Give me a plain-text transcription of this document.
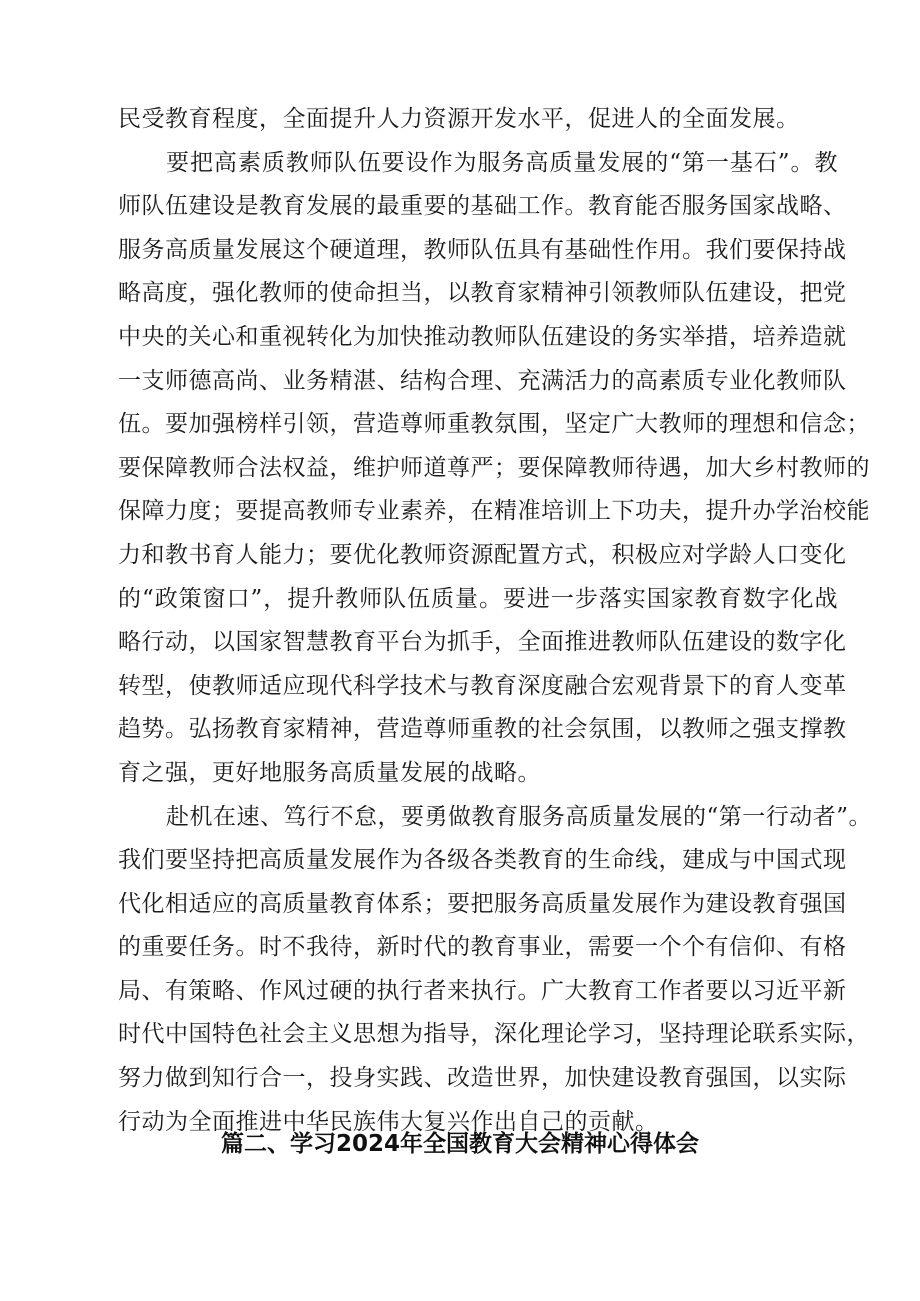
民受教育程度，全面提升人力资源开发水平，促进人的全面发展。
要把高素质教师队伍要设作为服务高质量发展的“第一基石”。教
师队伍建设是教育发展的最重要的基础工作。教育能否服务国家战略、
服务高质量发展这个硬道理，教师队伍具有基础性作用。我们要保持战
略高度，强化教师的使命担当，以教育家精神引领教师队伍建设，把党
中央的关心和重视转化为加快推动教师队伍建设的务实举措，培养造就
一支师德高尚、业务精湛、结构合理、充满活力的高素质专业化教师队
伍。要加强榜样引领，营造尊师重教氛围，坚定广大教师的理想和信念；
要保障教师合法权益，维护师道尊严；要保障教师待遇，加大乡村教师的
保障力度；要提高教师专业素养，在精准培训上下功夫，提升办学治校能
力和教书育人能力；要优化教师资源配置方式，积极应对学龄人口变化
的“政策窗口”，提升教师队伍质量。要进一步落实国家教育数字化战
略行动，以国家智慧教育平台为抓手，全面推进教师队伍建设的数字化
转型，使教师适应现代科学技术与教育深度融合宏观背景下的育人变革
趋势。弘扬教育家精神，营造尊师重教的社会氛围，以教师之强支撑教
育之强，更好地服务高质量发展的战略。
赴机在速、笃行不怠，要勇做教育服务高质量发展的“第一行动者”。
我们要坚持把高质量发展作为各级各类教育的生命线，建成与中国式现
代化相适应的高质量教育体系；要把服务高质量发展作为建设教育强国
的重要任务。时不我待，新时代的教育事业，需要一个个有信仰、有格
局、有策略、作风过硬的执行者来执行。广大教育工作者要以习近平新
时代中国特色社会主义思想为指导，深化理论学习，坚持理论联系实际，
努力做到知行合一，投身实践、改造世界，加快建设教育强国，以实际
行动为全面推进中华民族伟大复兴作出自己的贡献。
篇二、学习2024年全国教育大会精神心得体会
